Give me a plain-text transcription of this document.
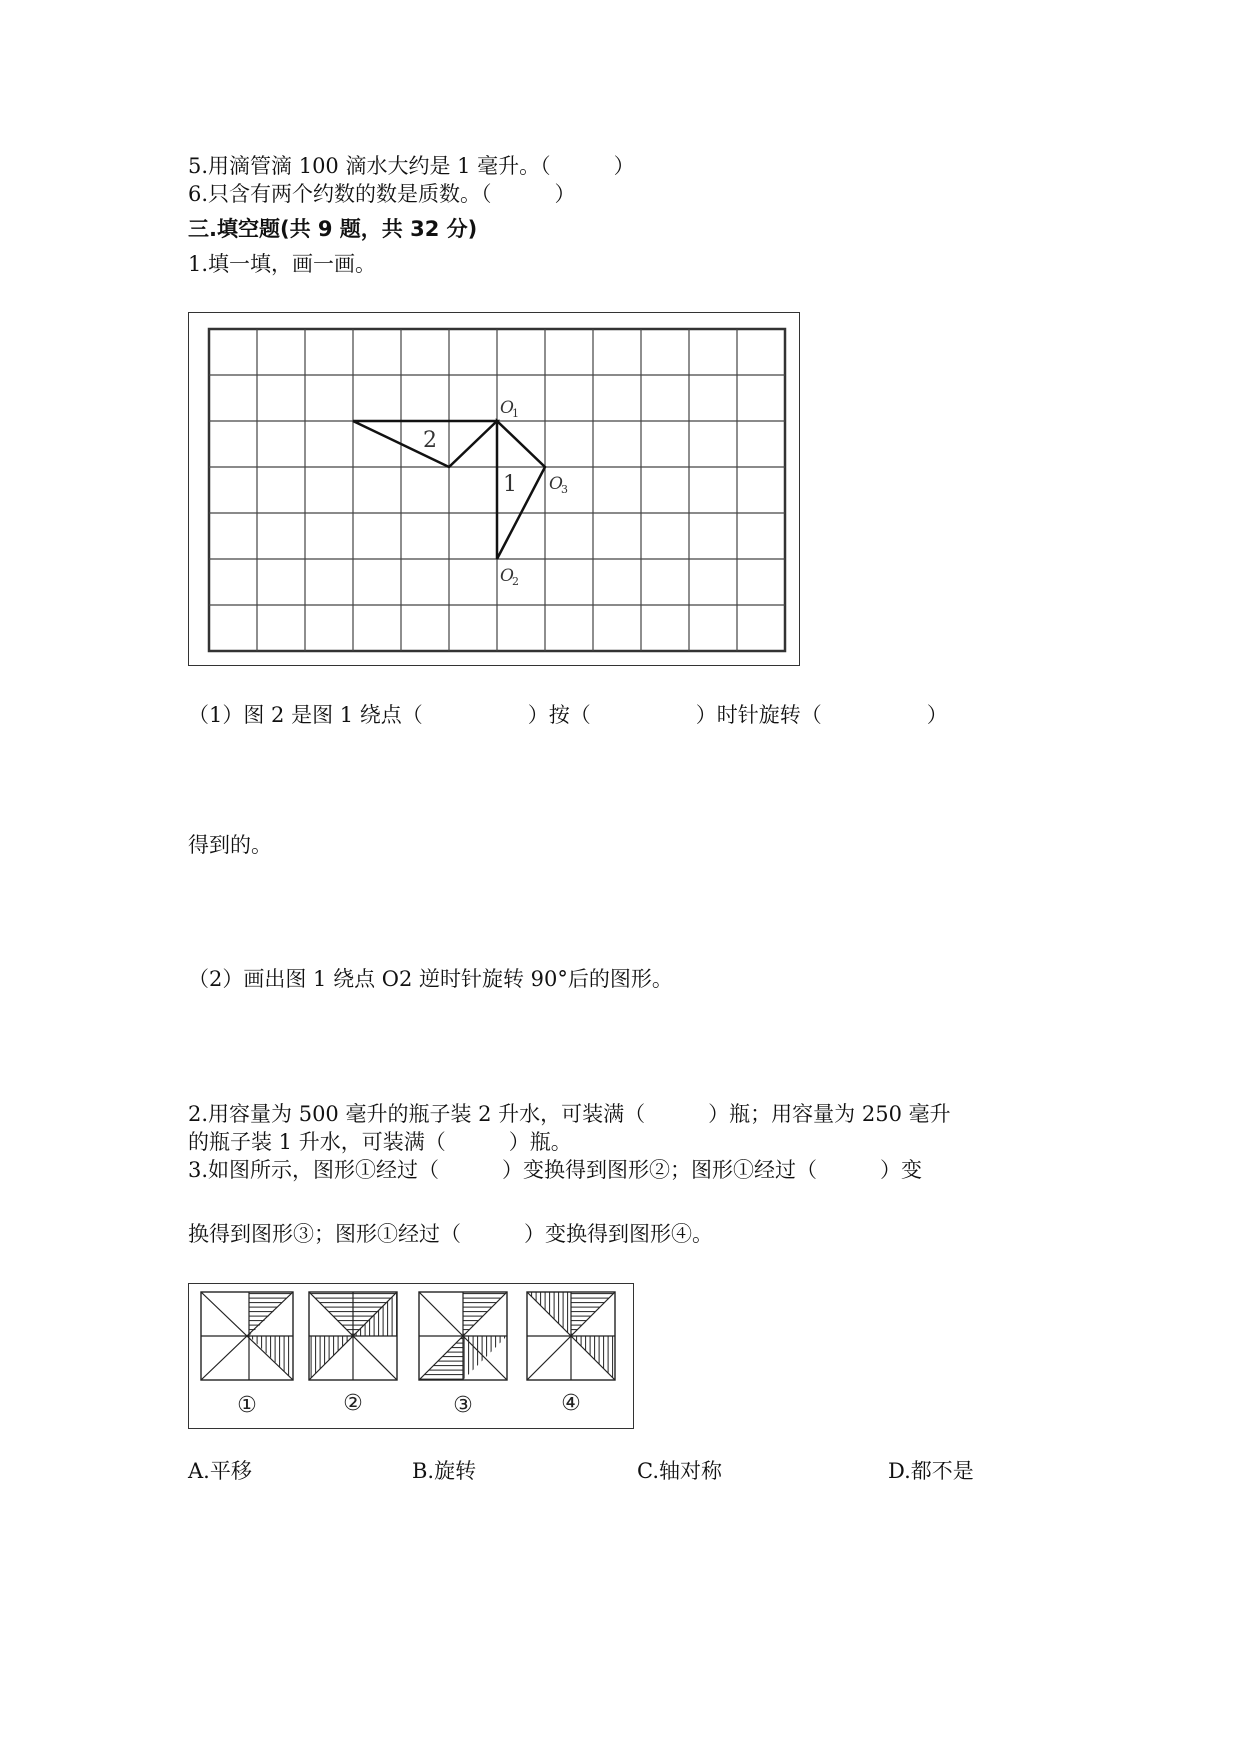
5.用滴管滴 100 滴水大约是 1 毫升。（　　　）
6.只含有两个约数的数是质数。（　　　）
三.填空题(共 9 题，共 32 分)
1.填一填，画一画。
1
2
O
1
O
3
O
2
（1）图 2 是图 1 绕点（　　　　　）按（　　　　　）时针旋转（　　　　　）
得到的。
（2）画出图 1 绕点 O2 逆时针旋转 90°后的图形。
2.用容量为 500 毫升的瓶子装 2 升水，可装满（　　　）瓶；用容量为 250 毫升
的瓶子装 1 升水，可装满（　　　）瓶。
3.如图所示，图形①经过（　　　）变换得到图形②；图形①经过（　　　）变
换得到图形③；图形①经过（　　　）变换得到图形④。
①	②	③	④
A.平移	B.旋转	C.轴对称	D.都不是
